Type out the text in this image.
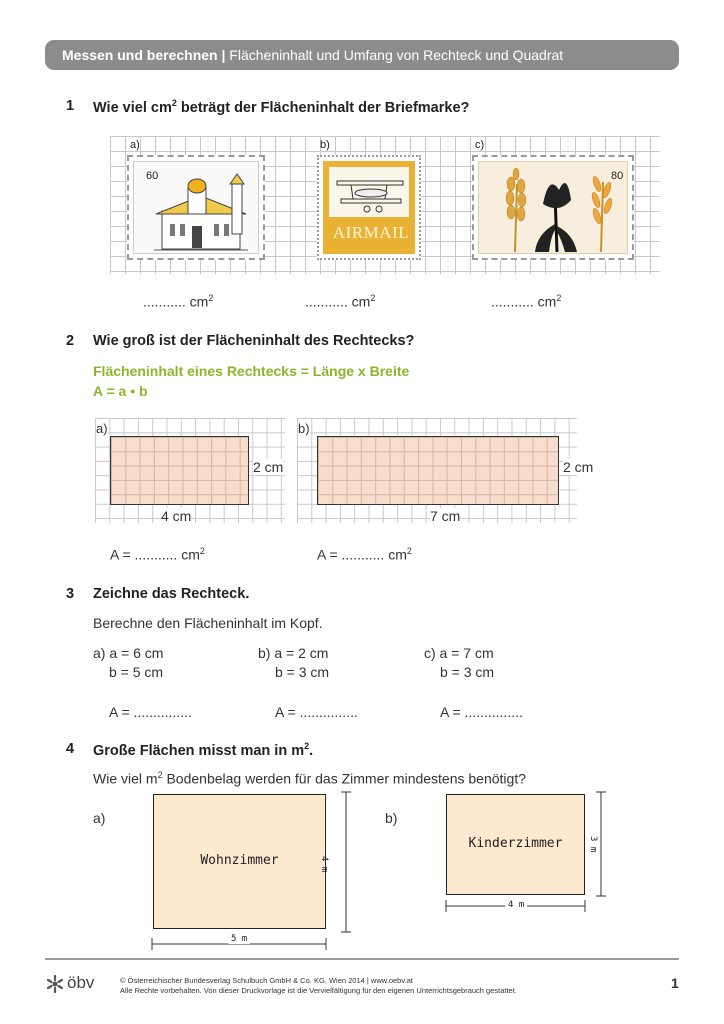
Messen und berechnen | Flächeninhalt und Umfang von Rechteck und Quadrat
1 Wie viel $cm^2$ beträgt der Flächeninhalt der Briefmarke?
a)
60
b)
AIRMAIL
c)
80
........... $cm^2$	........... $cm^2$	........... $cm^2$
2 Wie groß ist der Flächeninhalt des Rechtecks?
Flächeninhalt eines Rechtecks = Länge x Breite
A = a • b
a)
2 cm
4 cm
b)
2 cm
7 cm
A = ........... $cm^2$	A = ........... $cm^2$
3 Zeichne das Rechteck.
Berechne den Flächeninhalt im Kopf.
a) a = 6 cm
b = 5 cm
A = ...............
b) a = 2 cm
b = 3 cm
A = ...............
c) a = 7 cm
b = 3 cm
A = ...............
4 Große Flächen misst man in $m^2$.
Wie viel $m^2$ Bodenbelag werden für das Zimmer mindestens benötigt?
a)
Wohnzimmer	4 m
5 m
b)
Kinderzimmer	3 m
4 m
öbv	© Österreichischer Bundesverlag Schulbuch GmbH & Co. KG, Wien 2014 | www.oebv.at
Alle Rechte vorbehalten. Von dieser Druckvorlage ist die Vervielfältigung für den eigenen Unterrichtsgebrauch gestattet.	1
